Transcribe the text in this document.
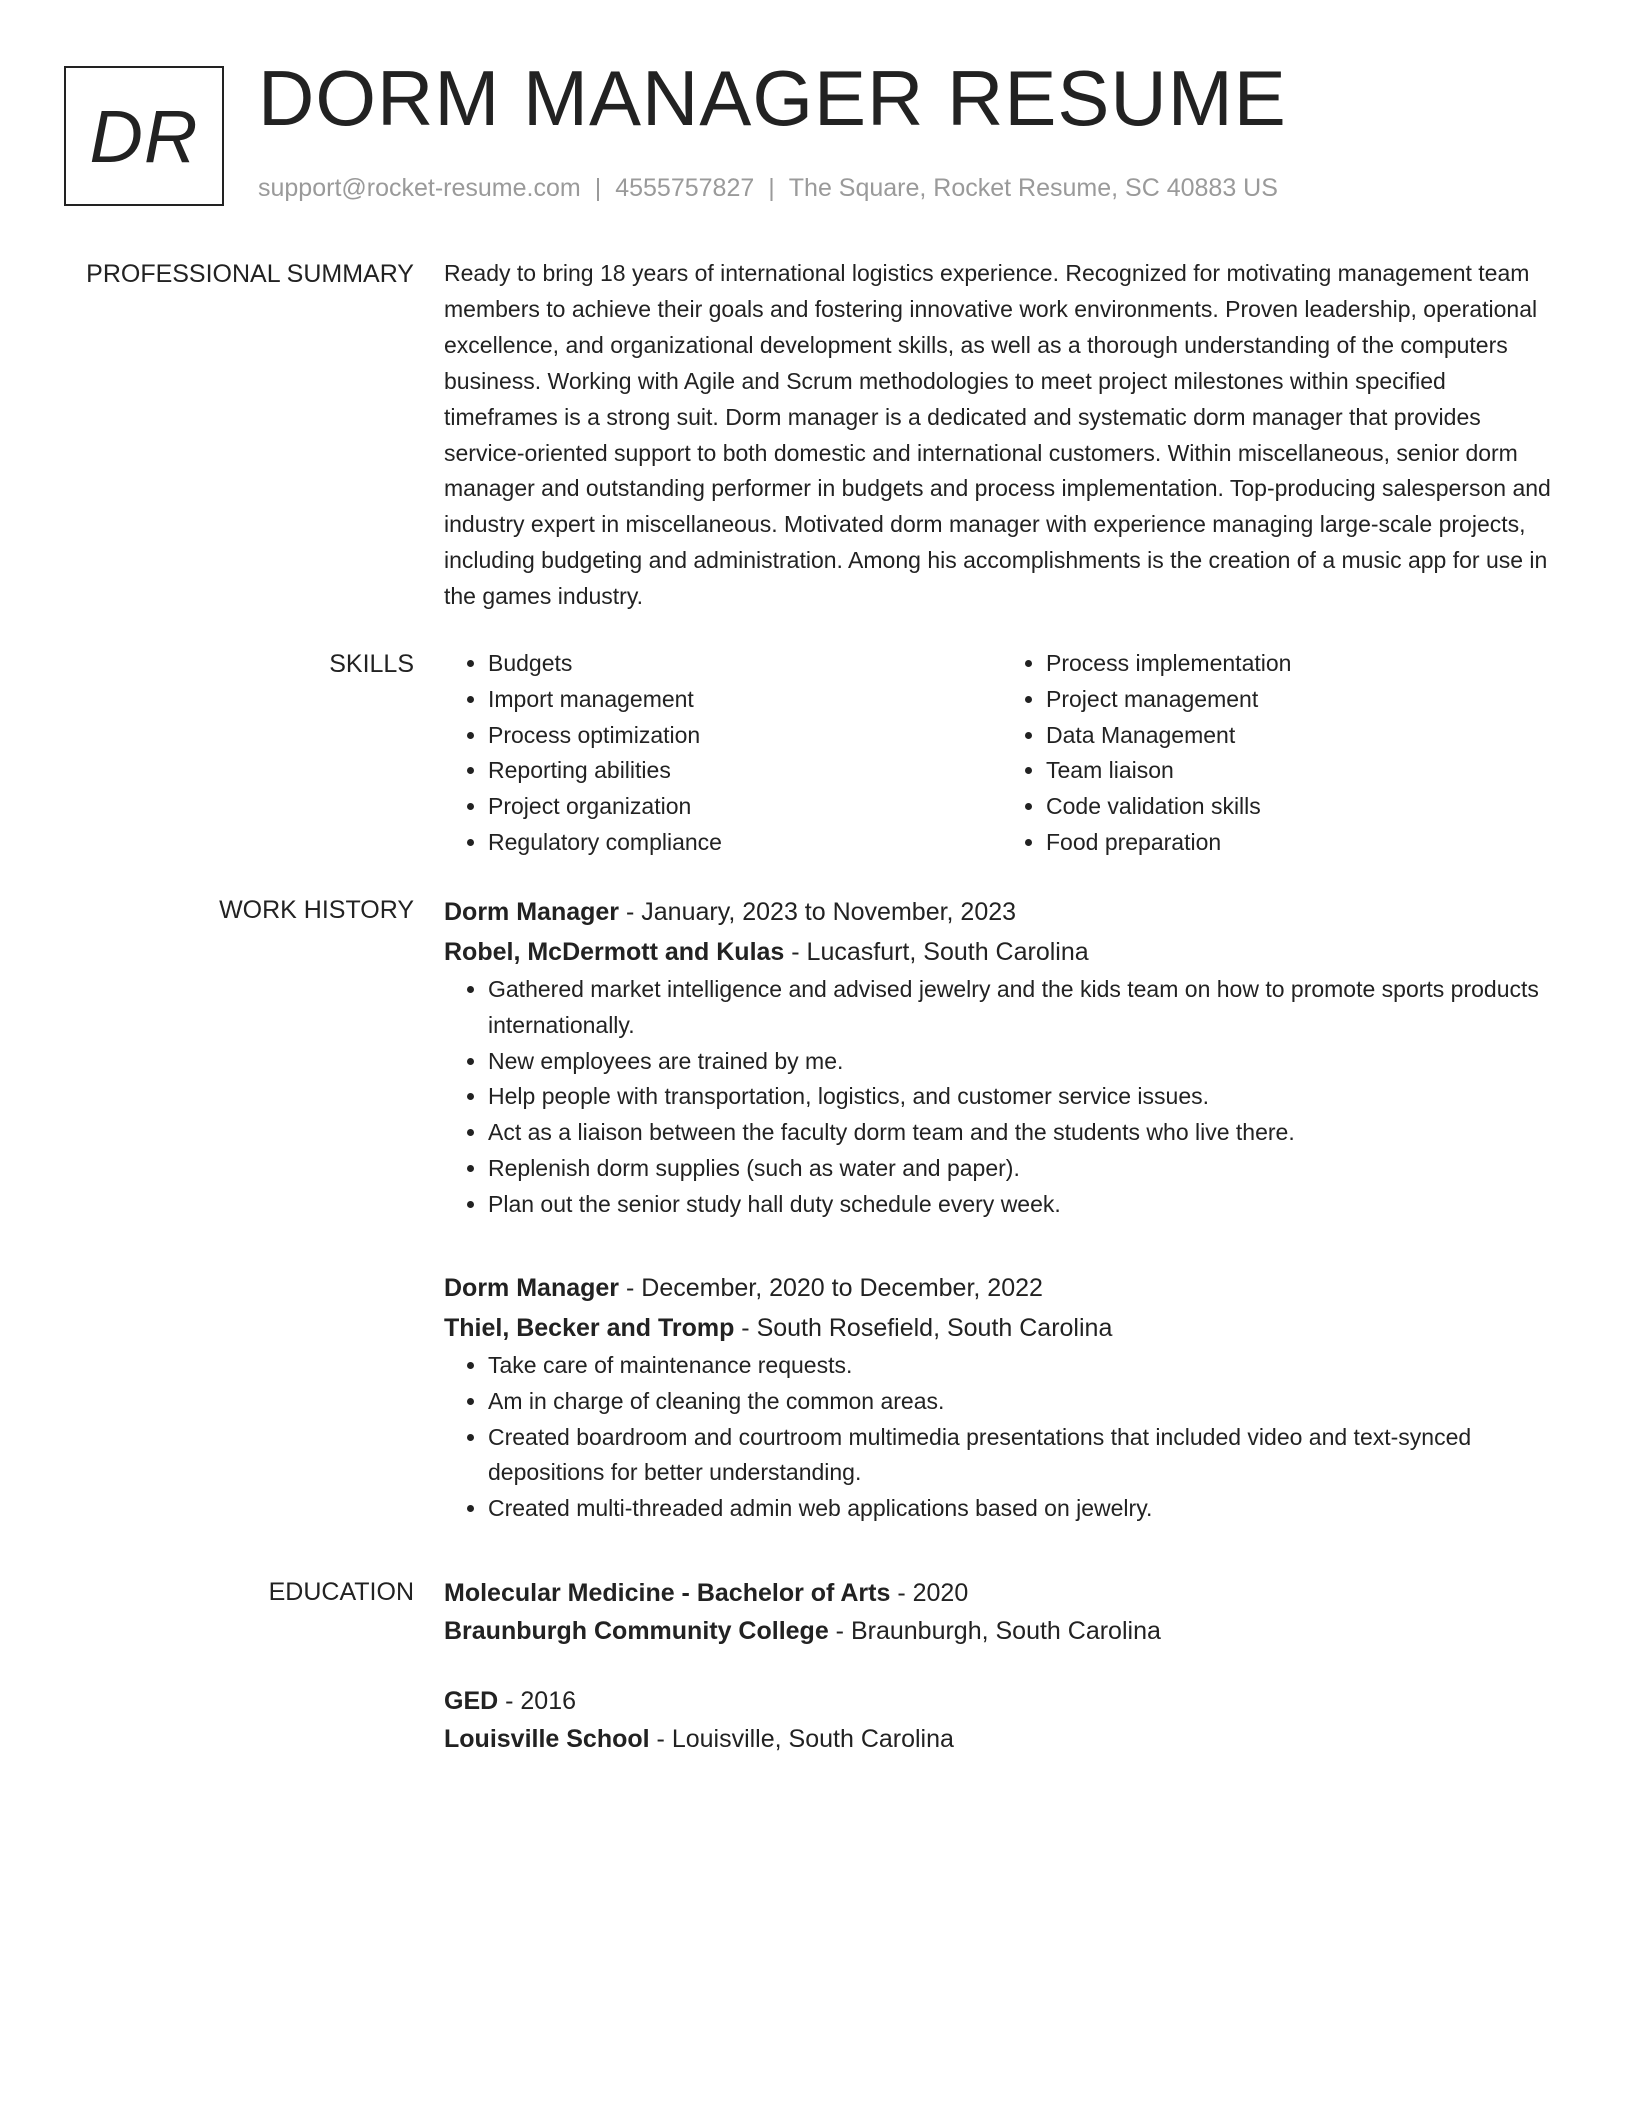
DR DORM MANAGER RESUME
support@rocket-resume.com | 4555757827 | The Square, Rocket Resume, SC 40883 US
PROFESSIONAL SUMMARY Ready to bring 18 years of international logistics experience. Recognized for motivating management team members to achieve their goals and fostering innovative work environments. Proven leadership, operational excellence, and organizational development skills, as well as a thorough understanding of the computers business. Working with Agile and Scrum methodologies to meet project milestones within specified timeframes is a strong suit. Dorm manager is a dedicated and systematic dorm manager that provides service-oriented support to both domestic and international customers. Within miscellaneous, senior dorm manager and outstanding performer in budgets and process implementation. Top-producing salesperson and industry expert in miscellaneous. Motivated dorm manager with experience managing large-scale projects, including budgeting and administration. Among his accomplishments is the creation of a music app for use in the games industry.

SKILLS
•	Budgets
• Import management
• Process optimization
• Reporting abilities
• Project organization
• Regulatory compliance
• Process implementation
• Project management
• Data Management
• Team liaison
• Code validation skills
• Food preparation
WORK HISTORY Dorm Manager - January, 2023 to November, 2023
Robel, McDermott and Kulas - Lucasfurt, South Carolina
• Gathered market intelligence and advised jewelry and the kids team on how to promote sports products internationally.
• New employees are trained by me.
• Help people with transportation, logistics, and customer service issues.
• Act as a liaison between the faculty dorm team and the students who live there.
• Replenish dorm supplies (such as water and paper).
• Plan out the senior study hall duty schedule every week.
Dorm Manager - December, 2020 to December, 2022
Thiel, Becker and Tromp - South Rosefield, South Carolina
• Take care of maintenance requests.
• Am in charge of cleaning the common areas.
• Created boardroom and courtroom multimedia presentations that included video and text-synced depositions for better understanding.
• Created multi-threaded admin web applications based on jewelry.
EDUCATION Molecular Medicine - Bachelor of Arts - 2020
Braunburgh Community College - Braunburgh, South Carolina
GED - 2016
Louisville School - Louisville, South Carolina
